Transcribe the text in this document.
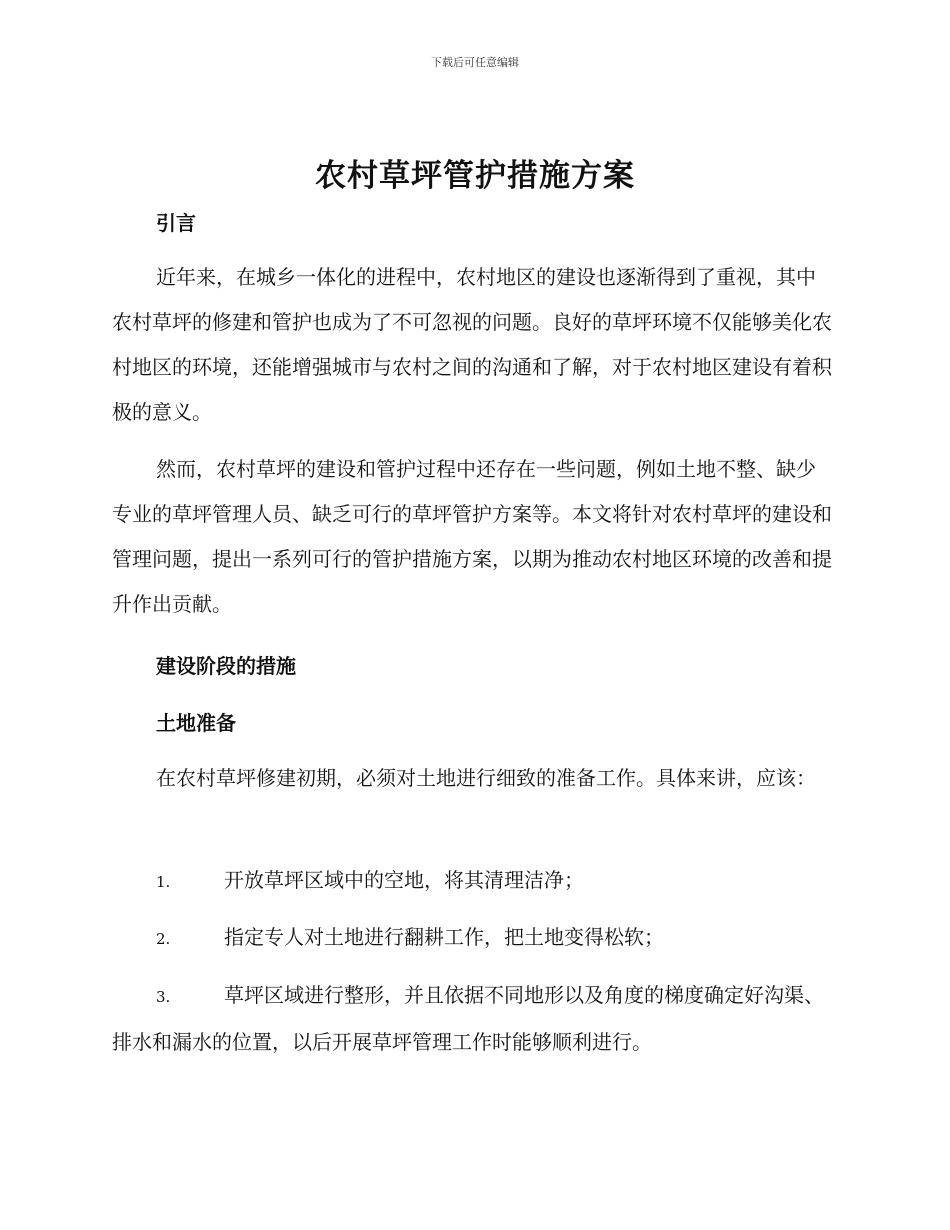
下载后可任意编辑
农村草坪管护措施方案
引言

近年来，在城乡一体化的进程中，农村地区的建设也逐渐得到了重视，其中农村草坪的修建和管护也成为了不可忽视的问题。良好的草坪环境不仅能够美化农村地区的环境，还能增强城市与农村之间的沟通和了解，对于农村地区建设有着积极的意义。

然而，农村草坪的建设和管护过程中还存在一些问题，例如土地不整、缺少专业的草坪管理人员、缺乏可行的草坪管护方案等。本文将针对农村草坪的建设和管理问题，提出一系列可行的管护措施方案，以期为推动农村地区环境的改善和提升作出贡献。

建设阶段的措施
土地准备

在农村草坪修建初期，必须对土地进行细致的准备工作。具体来讲，应该：

1.	开放草坪区域中的空地，将其清理洁净；

2.	指定专人对土地进行翻耕工作，把土地变得松软；

3.	草坪区域进行整形，并且依据不同地形以及角度的梯度确定好沟渠、排水和漏水的位置，以后开展草坪管理工作时能够顺利进行。
